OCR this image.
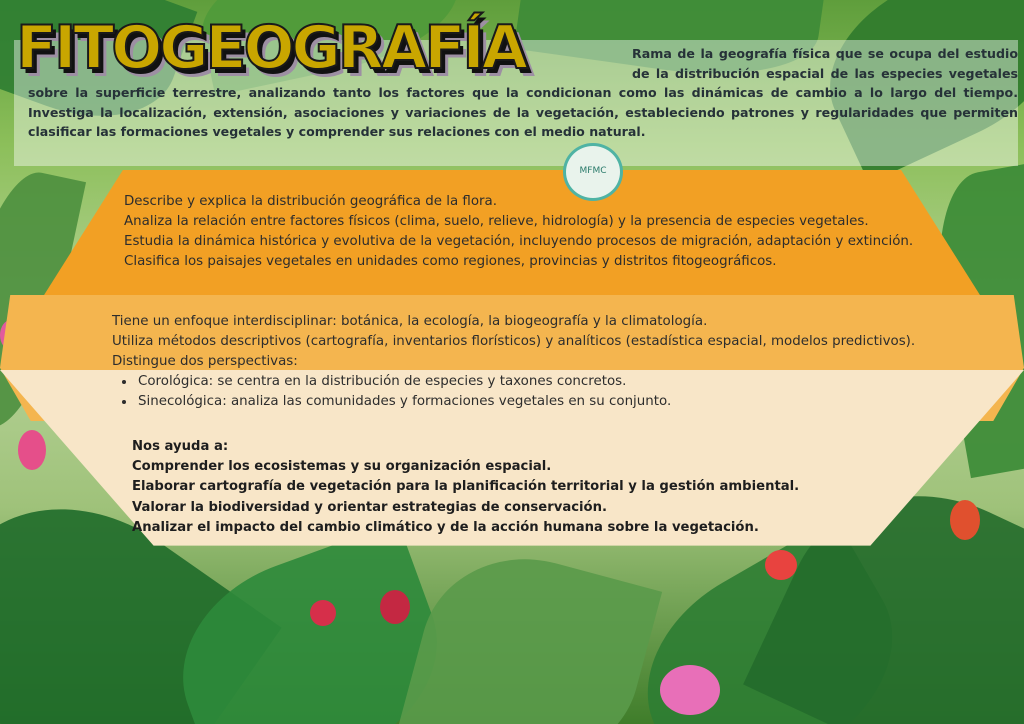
Rama de la geografía física que se ocupa del estudio de la distribución espacial de las especies vegetales sobre la superficie terrestre, analizando tanto los factores que la condicionan como las dinámicas de cambio a lo largo del tiempo. Investiga la localización, extensión, asociaciones y variaciones de la vegetación, estableciendo patrones y regularidades que permiten clasificar las formaciones vegetales y comprender sus relaciones con el medio natural.

FITOGEOGRAFÍA
MFMC
Describe y explica la distribución geográfica de la flora.
Analiza la relación entre factores físicos (clima, suelo, relieve, hidrología) y la presencia de especies vegetales.
Estudia la dinámica histórica y evolutiva de la vegetación, incluyendo procesos de migración, adaptación y extinción.
Clasifica los paisajes vegetales en unidades como regiones, provincias y distritos fitogeográficos.
Tiene un enfoque interdisciplinar: botánica, la ecología, la biogeografía y la climatología.
Utiliza métodos descriptivos (cartografía, inventarios florísticos) y analíticos (estadística espacial, modelos predictivos).
Distingue dos perspectivas:
• Corológica: se centra en la distribución de especies y taxones concretos.
• Sinecológica: analiza las comunidades y formaciones vegetales en su conjunto.
Nos ayuda a:
Comprender los ecosistemas y su organización espacial.
Elaborar cartografía de vegetación para la planificación territorial y la gestión ambiental.
Valorar la biodiversidad y orientar estrategias de conservación.
Analizar el impacto del cambio climático y de la acción humana sobre la vegetación.
